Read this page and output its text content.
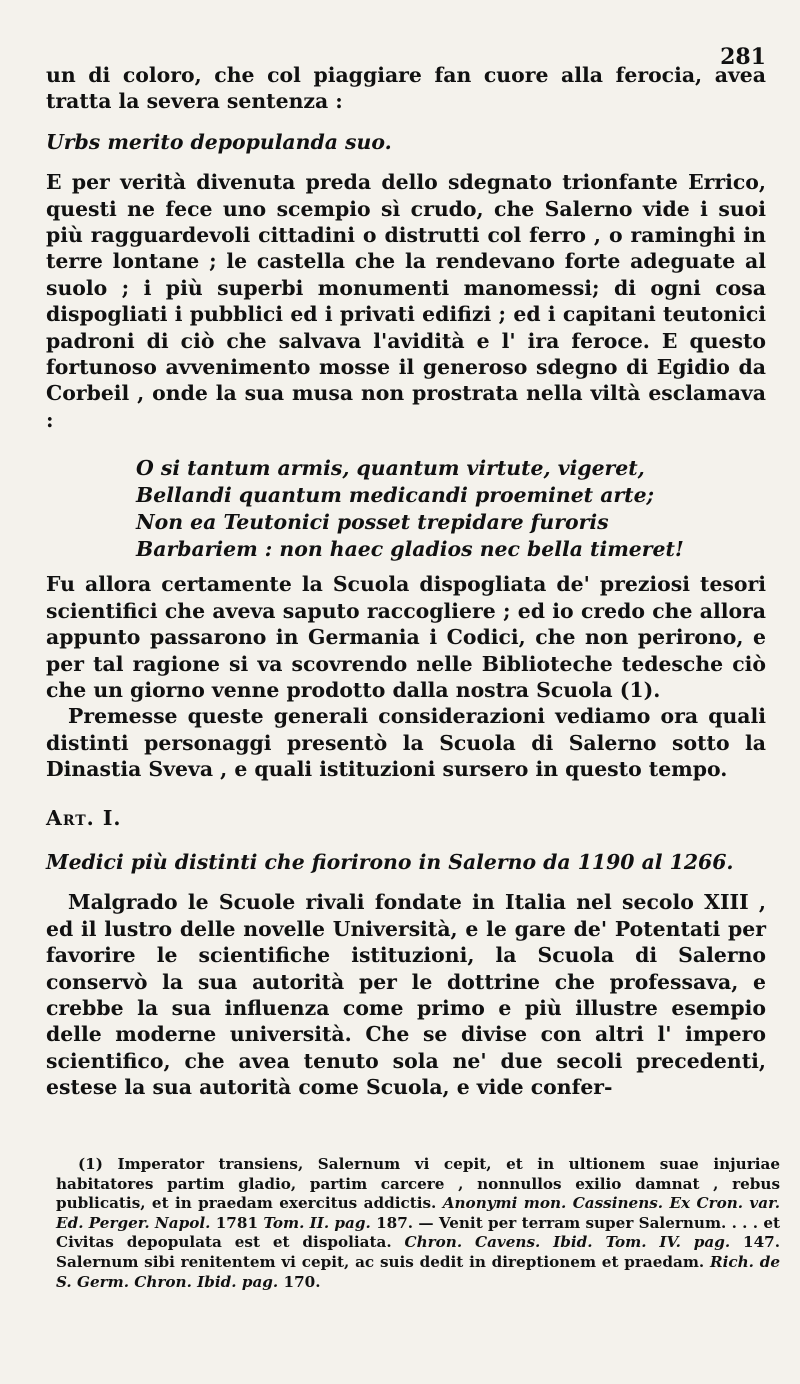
281

un di coloro, che col piaggiare fan cuore alla ferocia, avea tratta la severa sentenza :

Urbs merito depopulanda suo.

E per verità divenuta preda dello sdegnato trionfante Errico, questi ne fece uno scempio sì crudo, che Salerno vide i suoi più ragguardevoli cittadini o distrutti col ferro , o raminghi in terre lontane ; le castella che la rendevano forte adeguate al suolo ; i più superbi monumenti manomessi; di ogni cosa dispogliati i pubblici ed i privati edifizi ; ed i capitani teutonici padroni di ciò che salvava l'avidità e l' ira feroce. E questo fortunoso avvenimento mosse il generoso sdegno di Egidio da Corbeil , onde la sua musa non prostrata nella viltà esclamava :

O si tantum armis, quantum virtute, vigeret,
Bellandi quantum medicandi proeminet arte;
Non ea Teutonici posset trepidare furoris
Barbariem : non haec gladios nec bella timeret!

Fu allora certamente la Scuola dispogliata de' preziosi tesori scientifici che aveva saputo raccogliere ; ed io credo che allora appunto passarono in Germania i Codici, che non perirono, e per tal ragione si va scovrendo nelle Biblioteche tedesche ciò che un giorno venne prodotto dalla nostra Scuola (1).

Premesse queste generali considerazioni vediamo ora quali distinti personaggi presentò la Scuola di Salerno sotto la Dinastia Sveva , e quali istituzioni sursero in questo tempo.

Art. I.

Medici più distinti che fiorirono in Salerno da 1190 al 1266.

Malgrado le Scuole rivali fondate in Italia nel secolo XIII , ed il lustro delle novelle Università, e le gare de' Potentati per favorire le scientifiche istituzioni, la Scuola di Salerno conservò la sua autorità per le dottrine che professava, e crebbe la sua influenza come primo e più illustre esempio delle moderne università. Che se divise con altri l' impero scientifico, che avea tenuto sola ne' due secoli precedenti, estese la sua autorità come Scuola, e vide confer-

(1) Imperator transiens, Salernum vi cepit, et in ultionem suae injuriae habitatores partim gladio, partim carcere , nonnullos exilio damnat , rebus publicatis, et in praedam exercitus addictis. Anonymi mon. Cassinens. Ex Cron. var. Ed. Perger. Napol. 1781 Tom. II. pag. 187. — Venit per terram super Salernum. . . . et Civitas depopulata est et dispoliata. Chron. Cavens. Ibid. Tom. IV. pag. 147. Salernum sibi renitentem vi cepit, ac suis dedit in direptionem et praedam. Rich. de S. Germ. Chron. Ibid. pag. 170.
